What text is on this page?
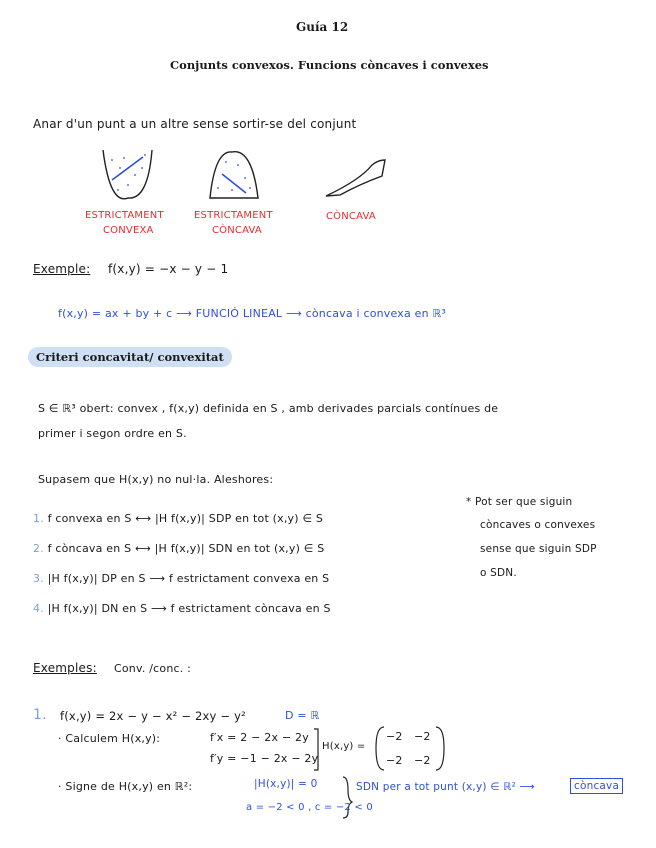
Guía 12
Conjunts convexos. Funcions còncaves i convexes
Anar d'un punt a un altre sense sortir-se del conjunt
ESTRICTAMENT
CONVEXA
ESTRICTAMENT
CÒNCAVA
CÒNCAVA
Exemple: f(x,y) = −x − y − 1
f(x,y) = ax + by + c ⟶ FUNCIÓ LINEAL ⟶ còncava i convexa en ℝ³
Criteri concavitat/ convexitat
S ∈ ℝ³ obert: convex , f(x,y) definida en S , amb derivades parcials contínues de
primer i segon ordre en S.
Supasem que H(x,y) no nul·la. Aleshores:
1. f convexa en S ⟷ |H f(x,y)| SDP en tot (x,y) ∈ S
2. f còncava en S ⟷ |H f(x,y)| SDN en tot (x,y) ∈ S
3. |H f(x,y)| DP en S ⟶ f estrictament convexa en S
4. |H f(x,y)| DN en S ⟶ f estrictament còncava en S
* Pot ser que siguin
còncaves o convexes
sense que siguin SDP
o SDN.
Exemples: Conv. /conc. :
1. f(x,y) = 2x − y − x² − 2xy − y²	D = ℝ
· Calculem H(x,y):	f′x = 2 − 2x − 2y
f′y = −1 − 2x − 2y
H(x,y) =
−2 −2
−2 −2
· Signe de H(x,y) en ℝ²:	|H(x,y)| = 0
a = −2 < 0 , c = −2 < 0
SDN per a tot punt (x,y) ∈ ℝ² ⟶	còncava
